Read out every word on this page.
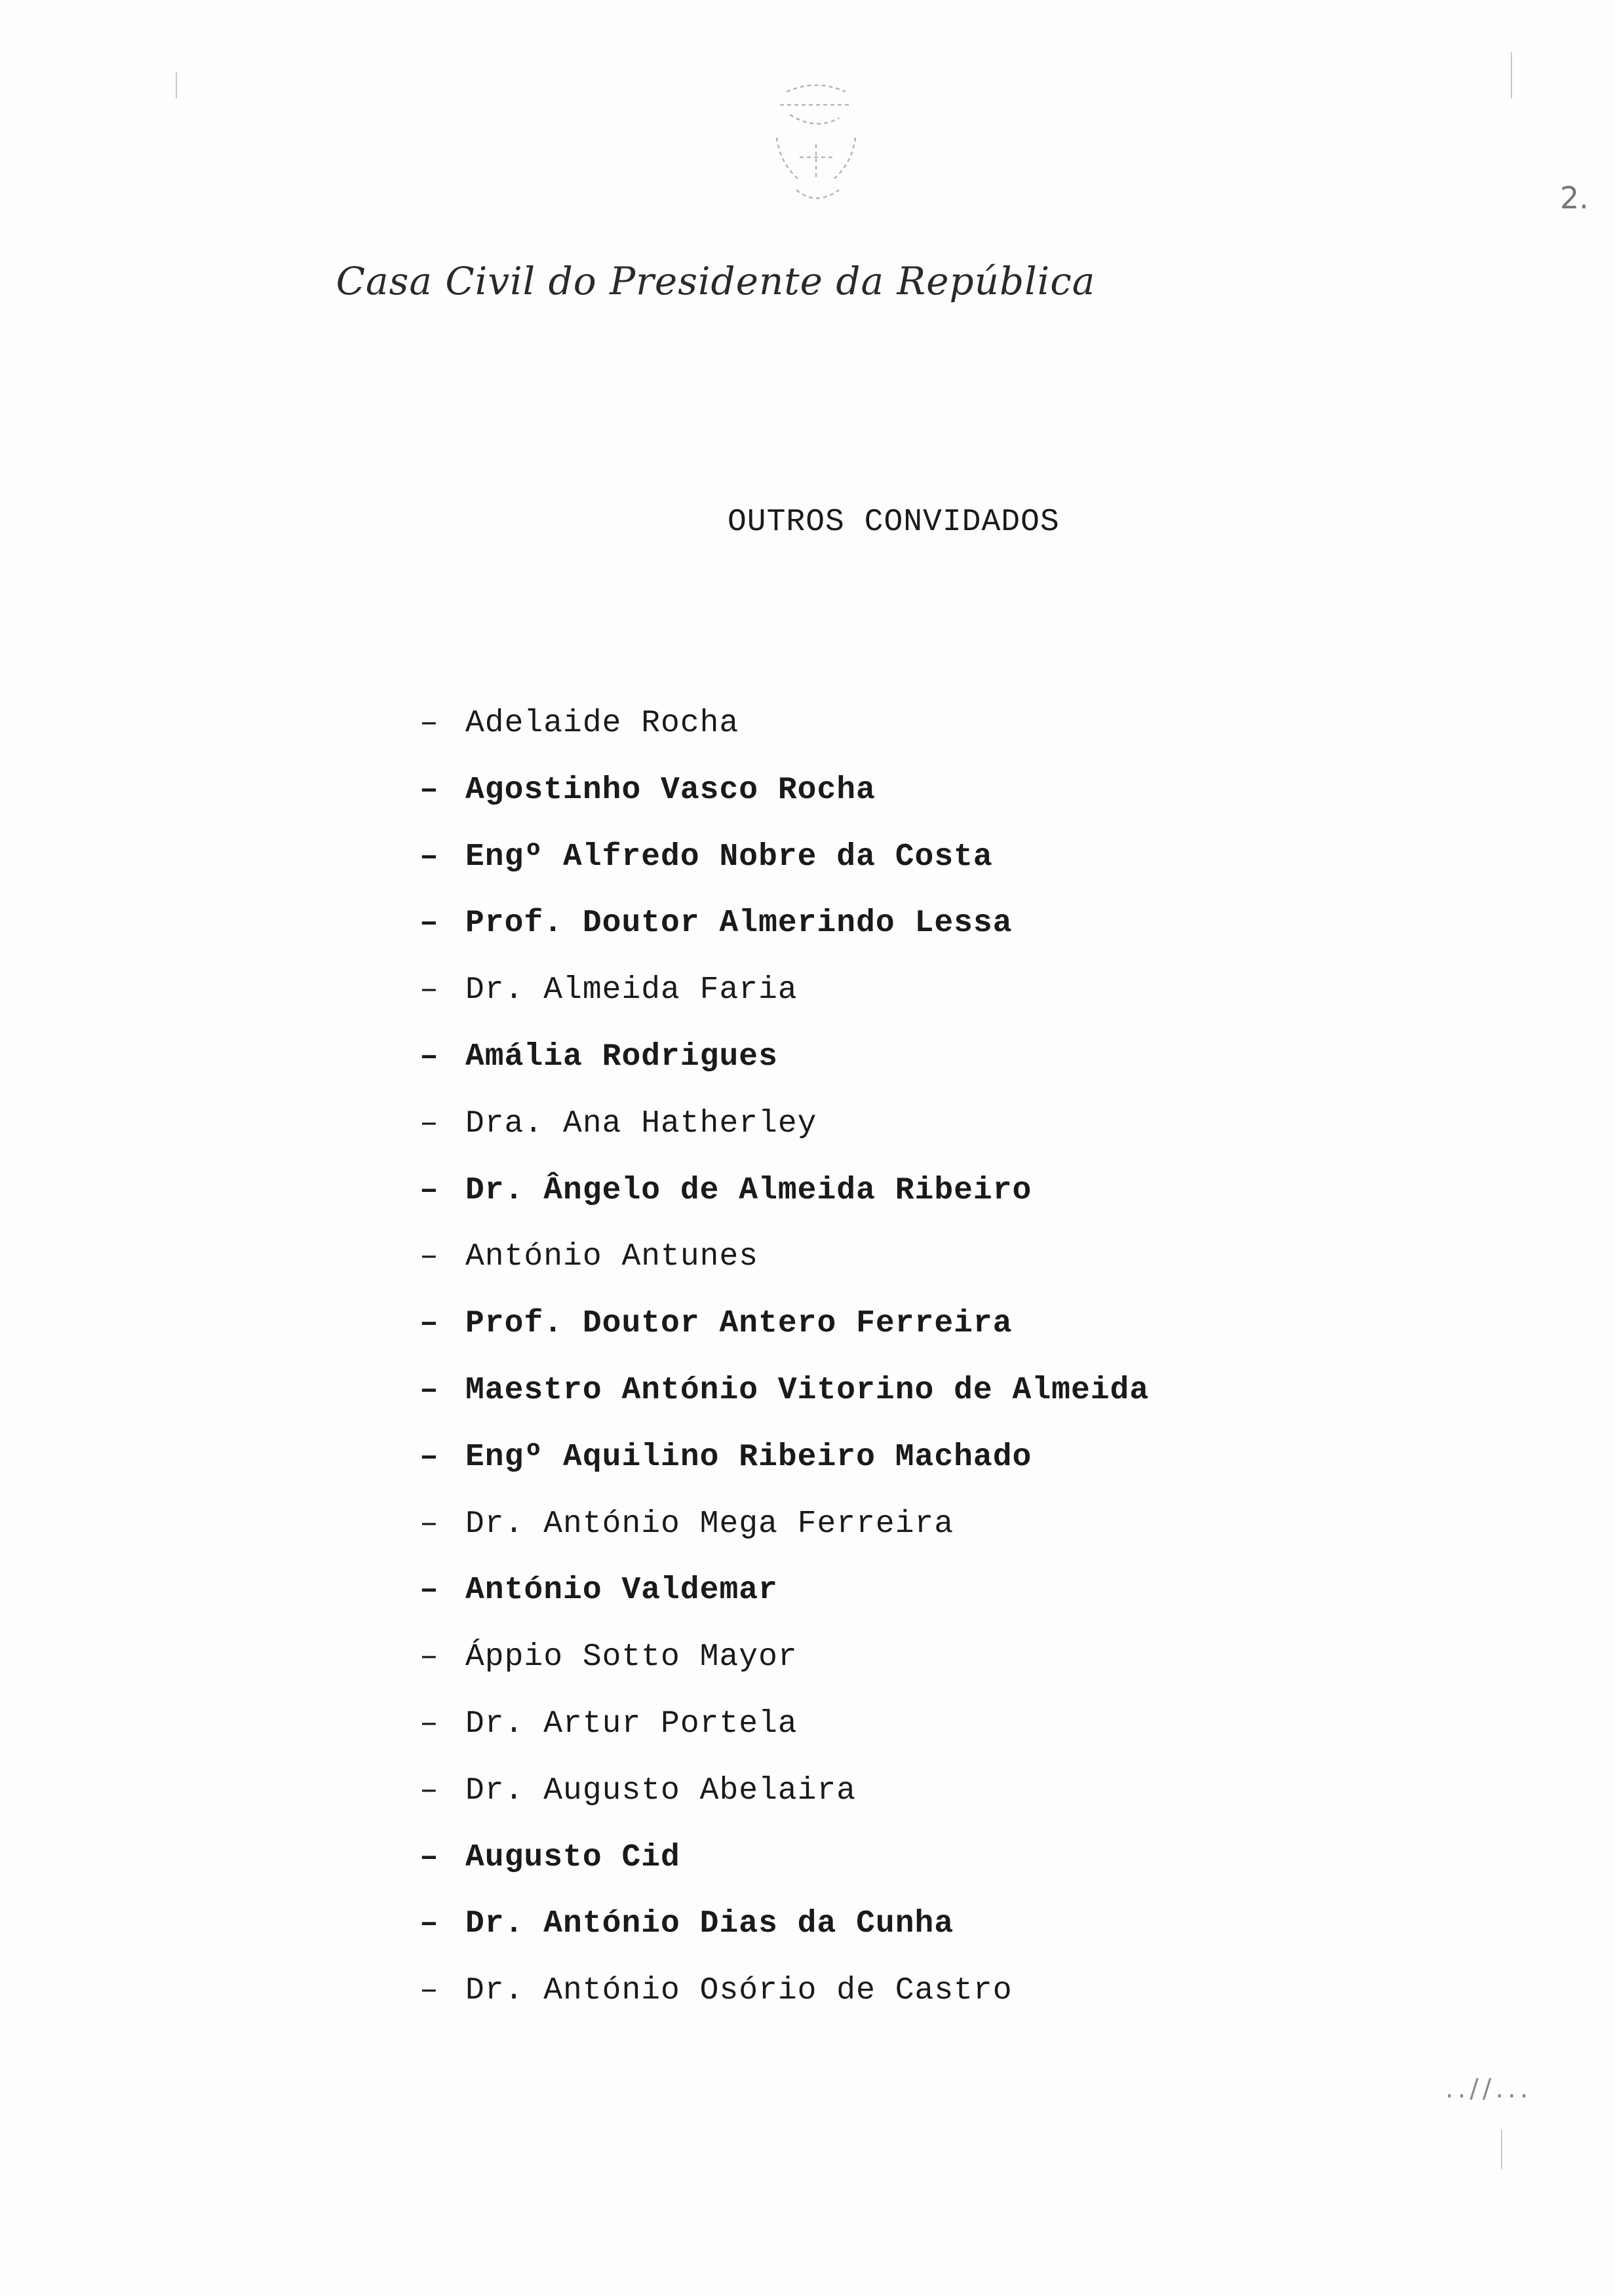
2.
Casa Civil do Presidente da República
OUTROS CONVIDADOS
– Adelaide Rocha
– Agostinho Vasco Rocha
– Engº Alfredo Nobre da Costa
– Prof. Doutor Almerindo Lessa
– Dr. Almeida Faria
– Amália Rodrigues
– Dra. Ana Hatherley
– Dr. Ângelo de Almeida Ribeiro
– António Antunes
– Prof. Doutor Antero Ferreira
– Maestro António Vitorino de Almeida
– Engº Aquilino Ribeiro Machado
– Dr. António Mega Ferreira
– António Valdemar
– Áppio Sotto Mayor
– Dr. Artur Portela
– Dr. Augusto Abelaira
– Augusto Cid
– Dr. António Dias da Cunha
– Dr. António Osório de Castro
..//...
